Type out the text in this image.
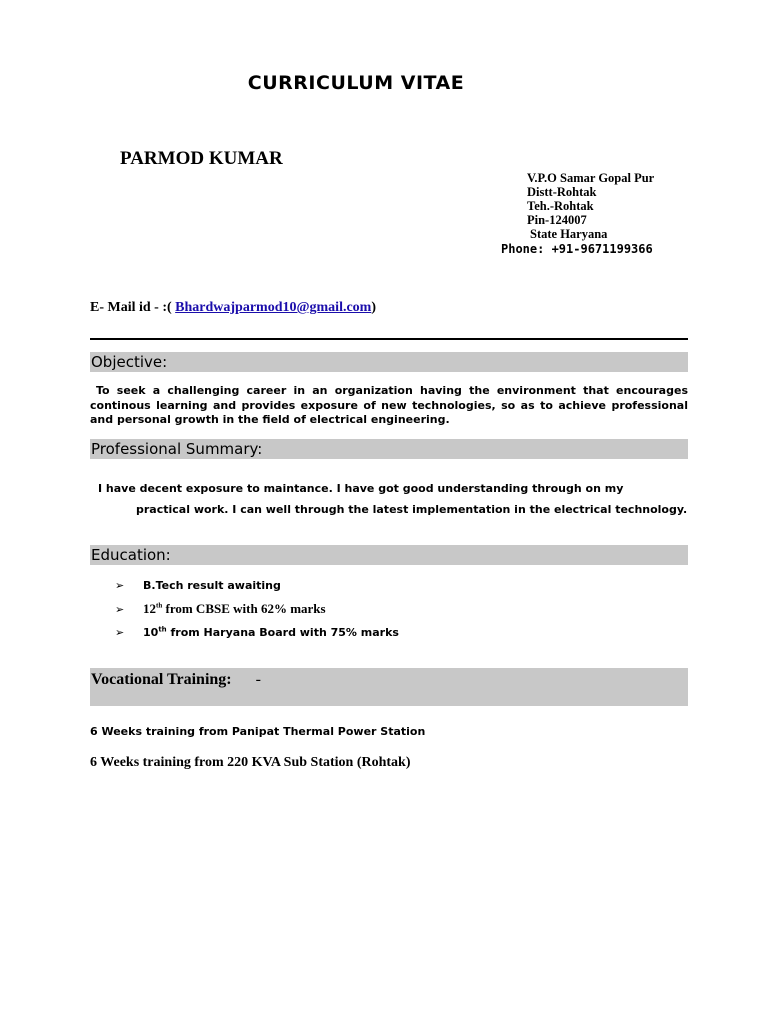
CURRICULUM VITAE
PARMOD KUMAR
V.P.O Samar Gopal Pur
Distt-Rohtak
Teh.-Rohtak
Pin-124007
State Haryana
Phone: +91-9671199366
E- Mail id - :( Bhardwajparmod10@gmail.com)
Objective:
To seek a challenging career in an organization having the environment that encourages continous learning and provides exposure of new technologies, so as to achieve professional and personal growth in the field of electrical engineering.
Professional Summary:
I have decent exposure to maintance. I have got good understanding through on my
practical work. I can well through the latest implementation in the electrical technology.
Education:
➢ B.Tech result awaiting
➢ 12th from CBSE with 62% marks
➢ 10th from Haryana Board with 75% marks
Vocational Training: -
6 Weeks training from Panipat Thermal Power Station
6 Weeks training from 220 KVA Sub Station (Rohtak)
